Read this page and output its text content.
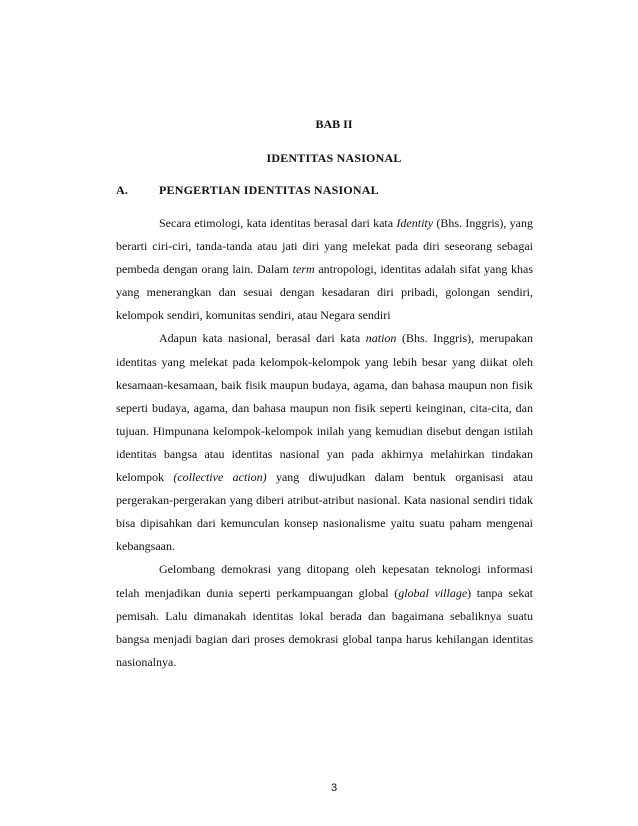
BAB II
IDENTITAS NASIONAL
A.	PENGERTIAN IDENTITAS NASIONAL

Secara etimologi, kata identitas berasal dari kata Identity (Bhs. Inggris), yang berarti ciri-ciri, tanda-tanda atau jati diri yang melekat pada diri seseorang sebagai pembeda dengan orang lain. Dalam term antropologi, identitas adalah sifat yang khas yang menerangkan dan sesuai dengan kesadaran diri pribadi, golongan sendiri, kelompok sendiri, komunitas sendiri, atau Negara sendiri

Adapun kata nasional, berasal dari kata nation (Bhs. Inggris), merupakan identitas yang melekat pada kelompok-kelompok yang lebih besar yang diikat oleh kesamaan-kesamaan, baik fisik maupun budaya, agama, dan bahasa maupun non fisik seperti budaya, agama, dan bahasa maupun non fisik seperti keinginan, cita-cita, dan tujuan. Himpunana kelompok-kelompok inilah yang kemudian disebut dengan istilah identitas bangsa atau identitas nasional yan pada akhirnya melahirkan tindakan kelompok (collective action) yang diwujudkan dalam bentuk organisasi atau pergerakan-pergerakan yang diberi atribut-atribut nasional. Kata nasional sendiri tidak bisa dipisahkan dari kemunculan konsep nasionalisme yaitu suatu paham mengenai kebangsaan.

Gelombang demokrasi yang ditopang oleh kepesatan teknologi informasi telah menjadikan dunia seperti perkampuangan global (global village) tanpa sekat pemisah. Lalu dimanakah identitas lokal berada dan bagaimana sebaliknya suatu bangsa menjadi bagian dari proses demokrasi global tanpa harus kehilangan identitas nasionalnya.

3
